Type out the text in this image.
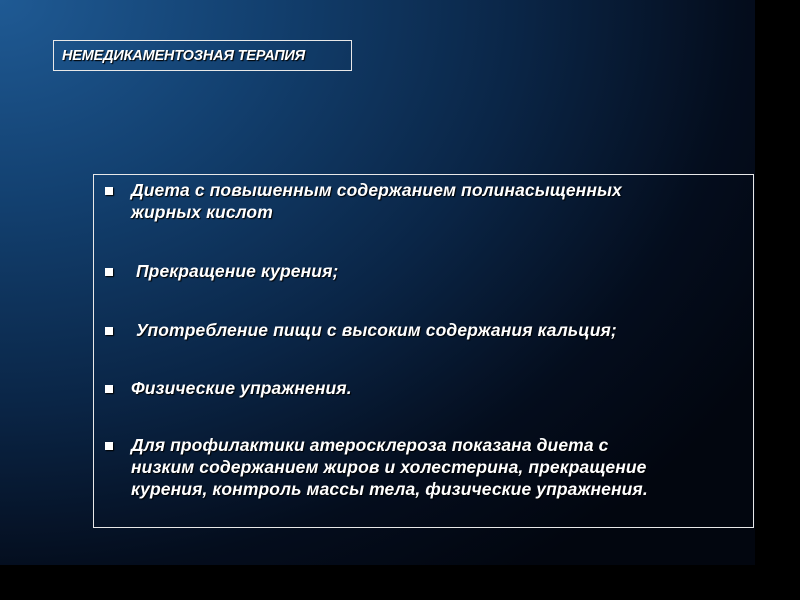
НЕМЕДИКАМЕНТОЗНАЯ ТЕРАПИЯ
Диета с повышенным содержанием полинасыщенных
жирных кислот
Прекращение курения;
Употребление пищи с высоким содержания кальция;
Физические упражнения.
Для профилактики атеросклероза показана диета с
низким содержанием жиров и холестерина, прекращение
курения, контроль массы тела, физические упражнения.
